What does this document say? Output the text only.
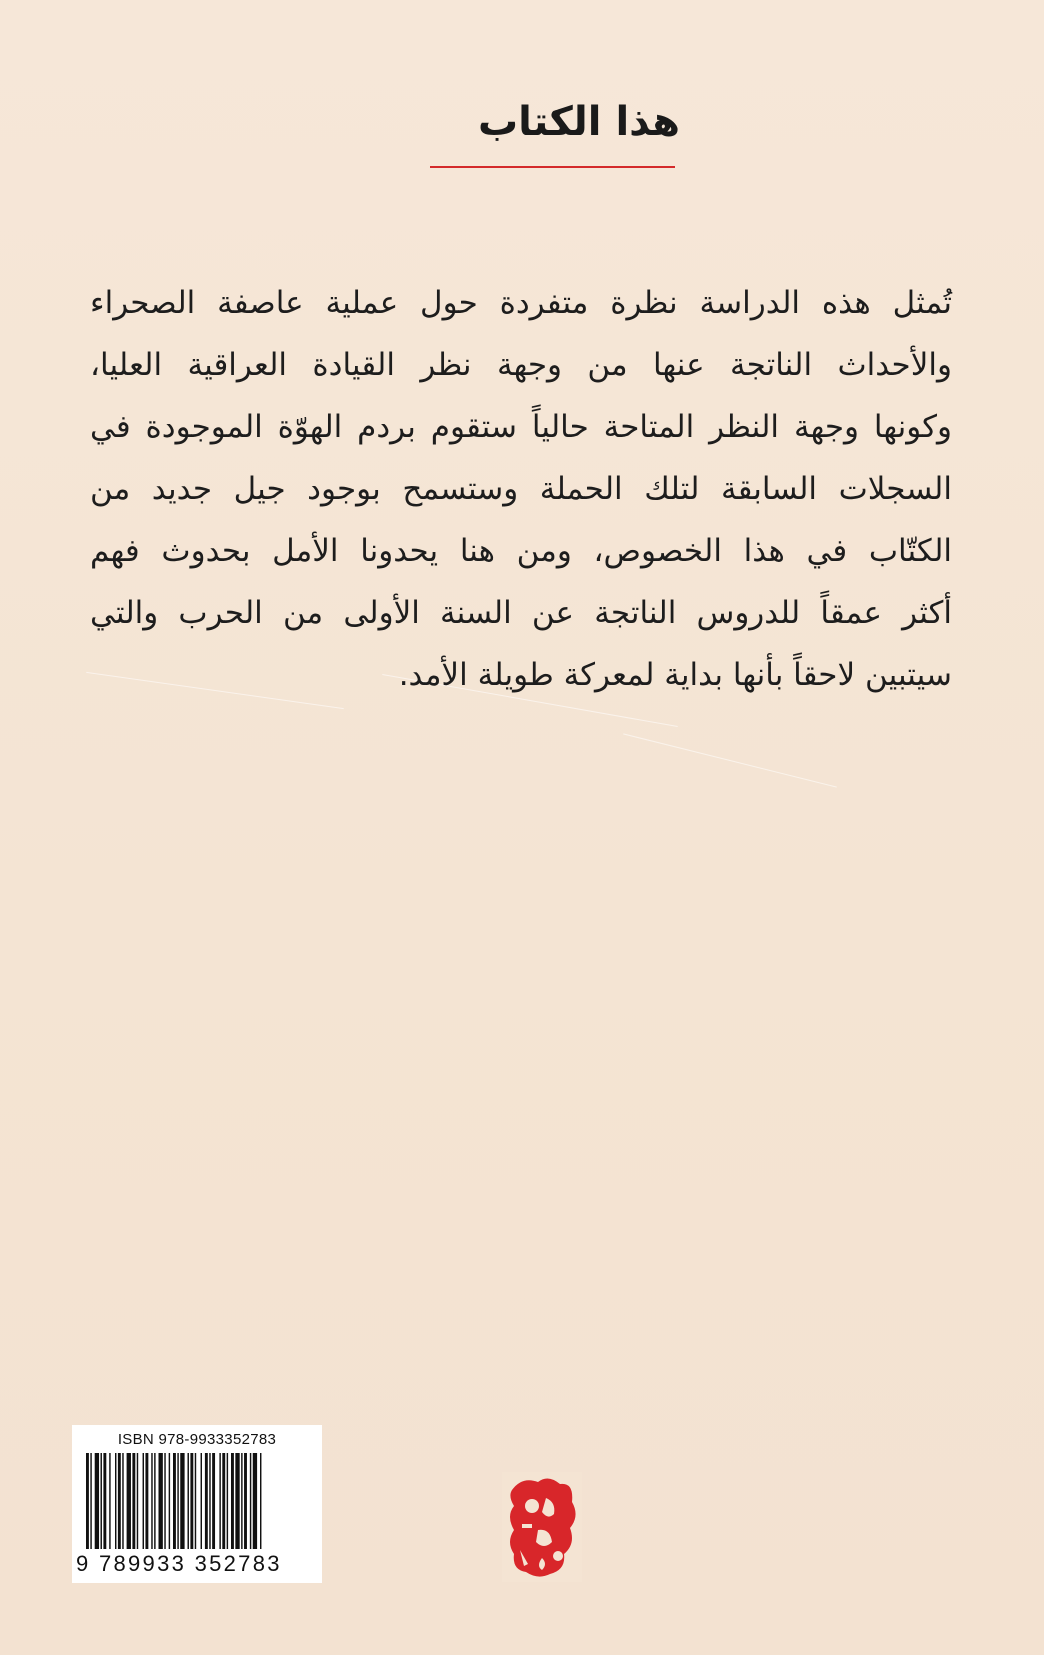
هذا الكتاب
تُمثل هذه الدراسة نظرة متفردة حول عملية عاصفة الصحراء
والأحداث الناتجة عنها من وجهة نظر القيادة العراقية العليا،
وكونها وجهة النظر المتاحة حالياً ستقوم بردم الهوّة الموجودة في
السجلات السابقة لتلك الحملة وستسمح بوجود جيل جديد من
الكتّاب في هذا الخصوص، ومن هنا يحدونا الأمل بحدوث فهم
أكثر عمقاً للدروس الناتجة عن السنة الأولى من الحرب والتي
سيتبين لاحقاً بأنها بداية لمعركة طويلة الأمد.
ISBN 978-9933352783
9 789933 352783
